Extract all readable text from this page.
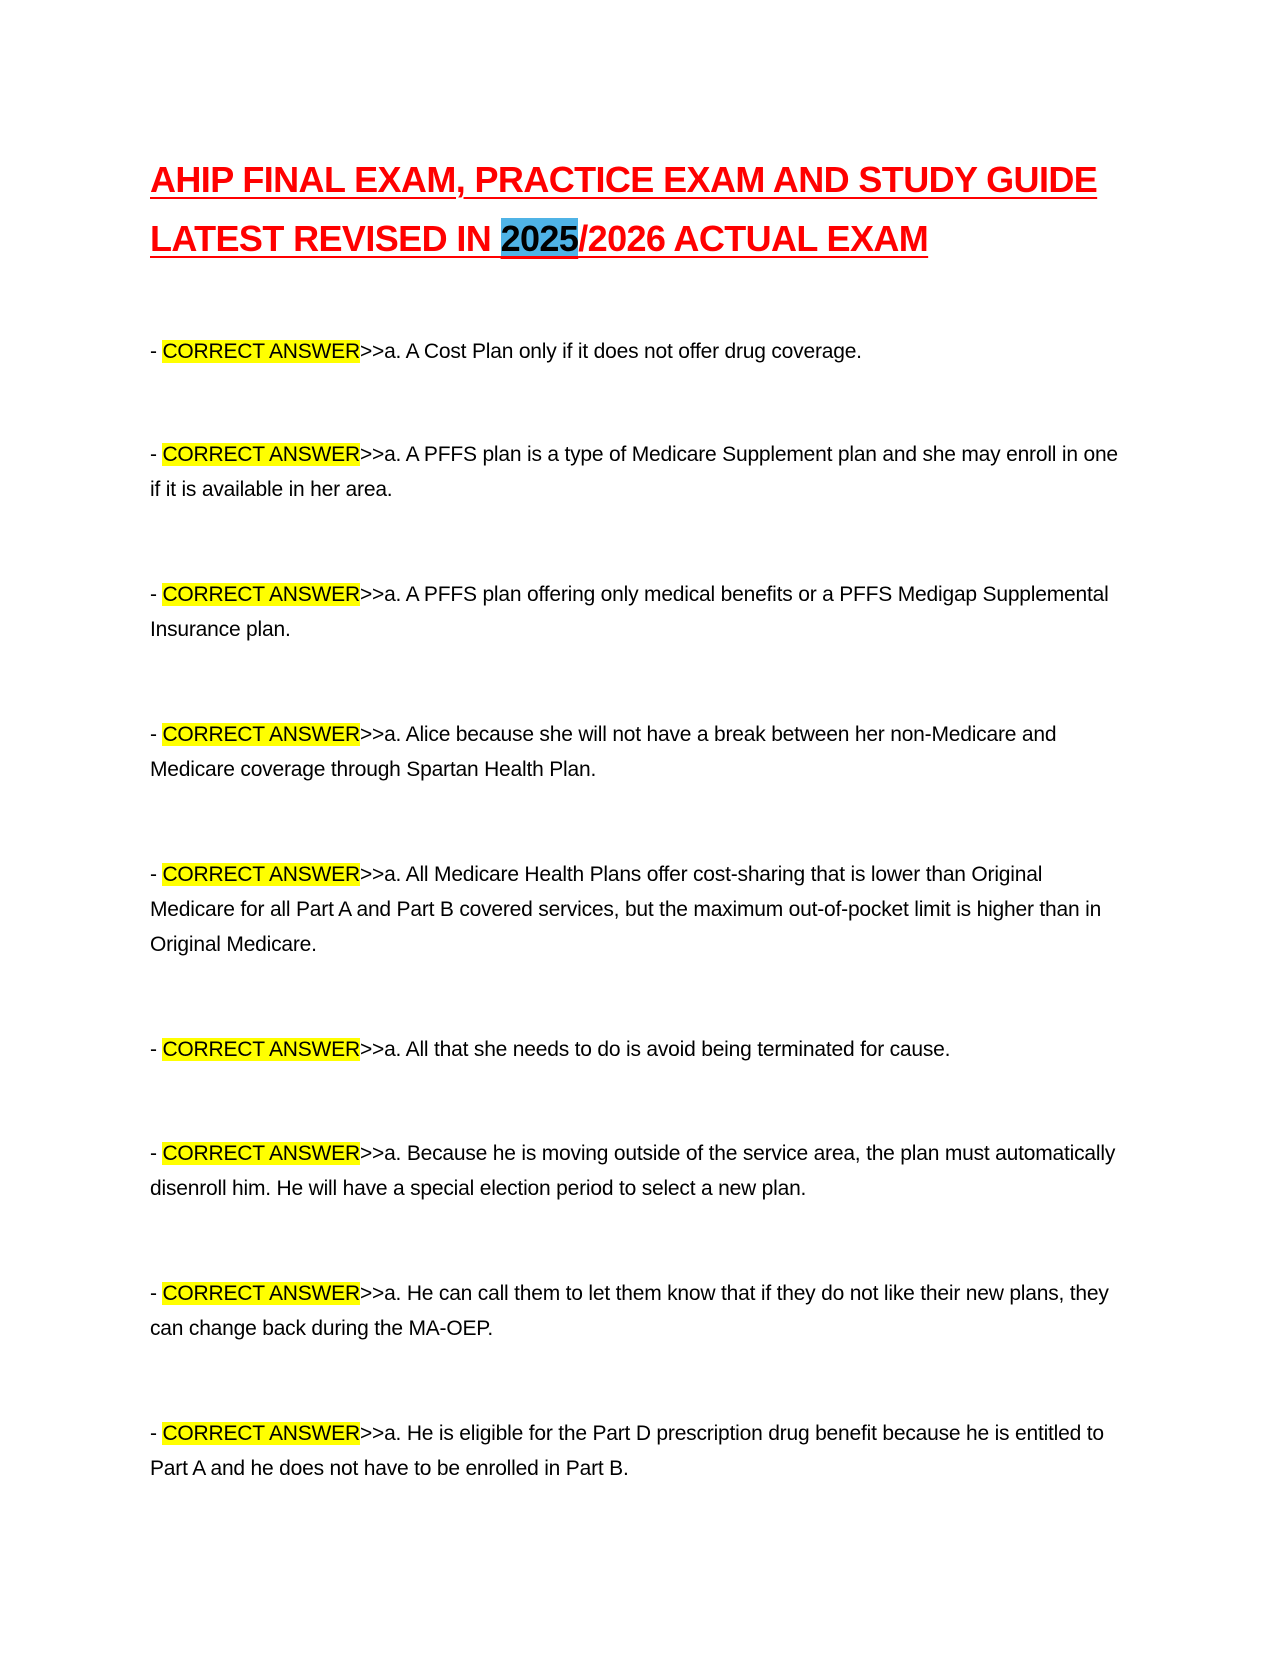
AHIP FINAL EXAM, PRACTICE EXAM AND STUDY GUIDE LATEST REVISED IN 2025/2026 ACTUAL EXAM

- CORRECT ANSWER>>a. A Cost Plan only if it does not offer drug coverage.

- CORRECT ANSWER>>a. A PFFS plan is a type of Medicare Supplement plan and she may enroll in one if it is available in her area.

- CORRECT ANSWER>>a. A PFFS plan offering only medical benefits or a PFFS Medigap Supplemental Insurance plan.

- CORRECT ANSWER>>a. Alice because she will not have a break between her non-Medicare and Medicare coverage through Spartan Health Plan.

- CORRECT ANSWER>>a. All Medicare Health Plans offer cost-sharing that is lower than Original Medicare for all Part A and Part B covered services, but the maximum out-of-pocket limit is higher than in Original Medicare.

- CORRECT ANSWER>>a. All that she needs to do is avoid being terminated for cause.

- CORRECT ANSWER>>a. Because he is moving outside of the service area, the plan must automatically disenroll him. He will have a special election period to select a new plan.

- CORRECT ANSWER>>a. He can call them to let them know that if they do not like their new plans, they can change back during the MA-OEP.

- CORRECT ANSWER>>a. He is eligible for the Part D prescription drug benefit because he is entitled to Part A and he does not have to be enrolled in Part B.
